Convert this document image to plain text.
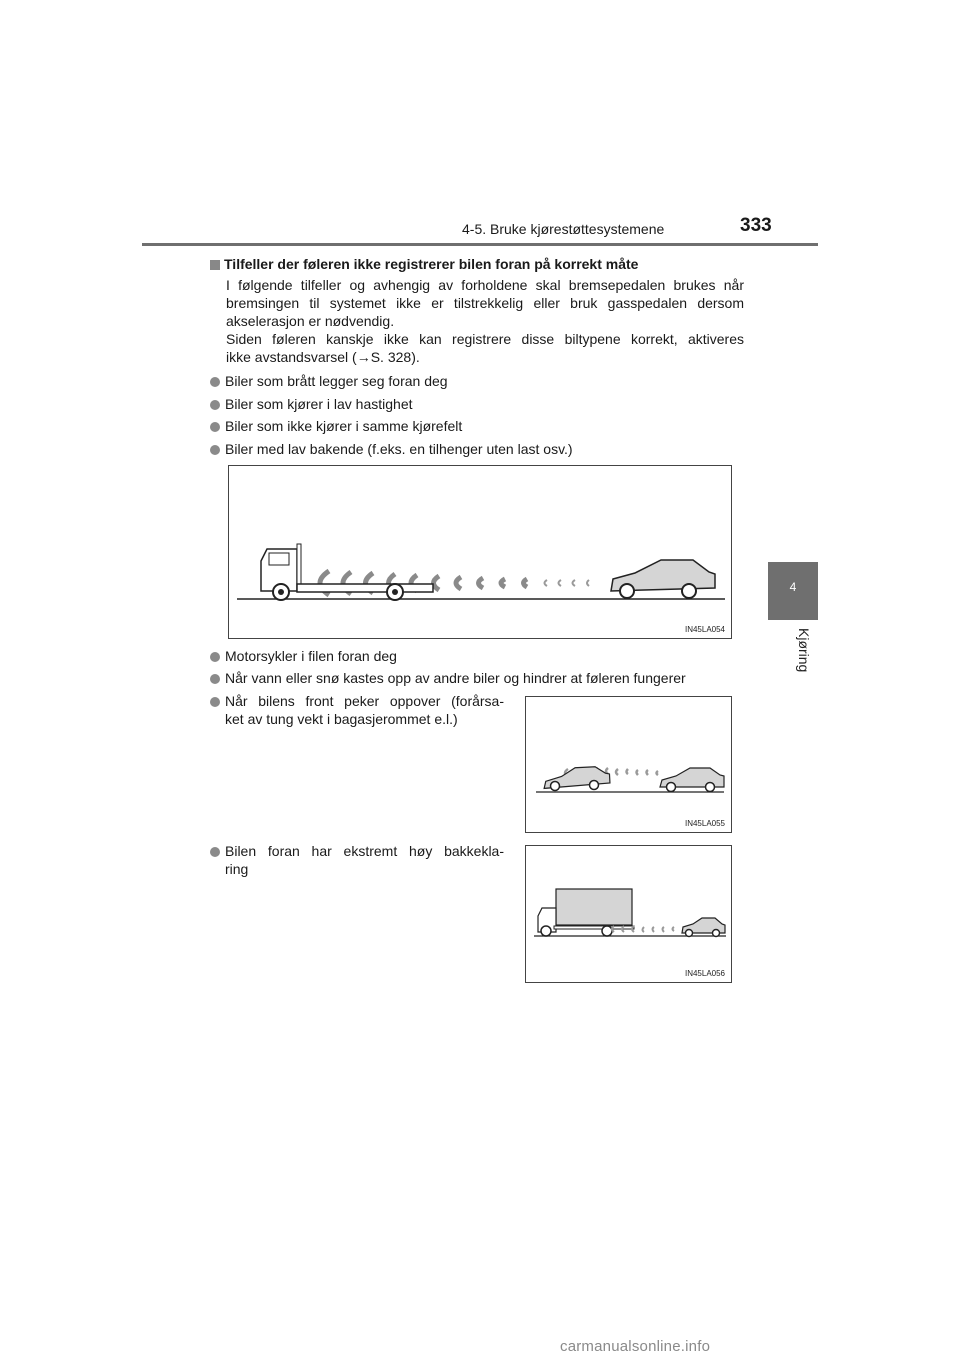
4-5. Bruke kjørestøttesystemene	333
4
Kjøring
Tilfeller der føleren ikke registrerer bilen foran på korrekt måte
I følgende tilfeller og avhengig av forholdene skal bremsepedalen brukes når
bremsingen til systemet ikke er tilstrekkelig eller bruk gasspedalen dersom
akselerasjon er nødvendig.
Siden føleren kanskje ikke kan registrere disse biltypene korrekt, aktiveres
ikke avstandsvarsel (→S. 328).
Biler som brått legger seg foran deg
Biler som kjører i lav hastighet
Biler som ikke kjører i samme kjørefelt
Biler med lav bakende (f.eks. en tilhenger uten last osv.)
IN45LA054
Motorsykler i filen foran deg
Når vann eller snø kastes opp av andre biler og hindrer at føleren fungerer
Når bilens front peker oppover (forårsa-
ket av tung vekt i bagasjerommet e.l.)
IN45LA055
Bilen foran har ekstremt høy bakkekla-
ring
IN45LA056
carmanualsonline.info
